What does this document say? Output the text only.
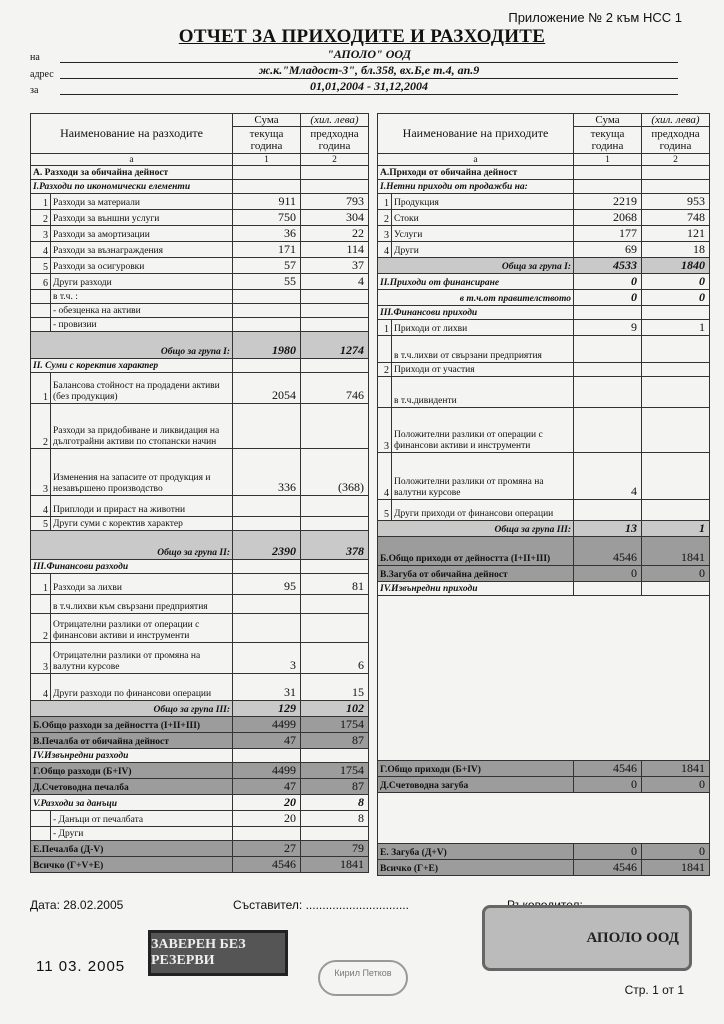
Приложение № 2 към НСС 1
ОТЧЕТ ЗА ПРИХОДИТЕ И РАЗХОДИТЕ
на	"АПОЛО" ООД
адрес	ж.к."Младост-3", бл.358, вх.Б,е т.4, ап.9
за	01,01,2004 - 31,12,2004
Наименование на разходите		Сума	(хил. лева)
		текуща година	предходна година

а		1	2
А. Разходи за обичайна дейност			
I.Разходи по икономически елементи			
1	Разходи за материали	911	793
2	Разходи за външни услуги	750	304
3	Разходи за амортизации	36	22
4	Разходи за възнаграждения	171	114
5	Разходи за осигуровки	57	37
6	Други разходи	55	4
	в т.ч. :		
	- обезценка на активи		
	- провизии		
Общо за група I:		1980	1274
II. Суми с коректив характер			
1	Балансова стойност на продадени активи (без продукция)	2054	746
2	Разходи за придобиване и ликвидация на дълготрайни активи по стопански начин		
3	Изменения на запасите от продукция и незавършено производство	336	(368)
4	Приплоди и прираст на животни		
5	Други суми с коректив характер		
Общо за група II:		2390	378
III.Финансови разходи			
1	Разходи за лихви	95	81
	в т.ч.лихви към свързани предприятия		
2	Отрицателни разлики от операции с финансови активи и инструменти		
3	Отрицателни разлики от промяна на валутни курсове	3	6
4	Други разходи по финансови операции	31	15
Общо за група III:		129	102
Б.Общо разходи за дейността (I+II+III)		4499	1754
В.Печалба от обичайна дейност		47	87
IV.Извънредни разходи			
Г.Общо разходи (Б+IV)		4499	1754
Д.Счетоводна печалба		47	87
V.Разходи за данъци		20	8
	- Данъци от печалбата	20	8
	- Други		
Е.Печалба (Д-V)		27	79
Всичко (Г+V+Е)		4546	1841
Наименование на приходите		Сума	(хил. лева)
		текуща година	предходна година

а		1	2
А.Приходи от обичайна дейност			
I.Нетни приходи от продажби на:			
1	Продукция	2219	953
2	Стоки	2068	748
3	Услуги	177	121
4	Други	69	18
Обща за група I:		4533	1840
II.Приходи от финансиране		0	0
в т.ч.от правителството		0	0
III.Финансови приходи			
1	Приходи от лихви	9	1
	в т.ч.лихви от свързани предприятия		
2	Приходи от участия		
	в т.ч.дивиденти		
3	Положителни разлики от операции с финансови активи и инструменти		
4	Положителни разлики от промяна на валутни курсове	4	
5	Други приходи от финансови операции		
Обща за група III:		13	1
Б.Общо приходи от дейността (I+II+III)		4546	1841
В.Загуба от обичайна дейност		0	0
IV.Извънредни приходи			

Г.Общо приходи (Б+IV)		4546	1841
Д.Счетоводна загуба		0	0

Е. Загуба (Д+V)		0	0
Всичко (Г+Е)		4546	1841
Дата: 28.02.2005	Съставител: ...............................
ЗАВЕРЕН БЕЗ РЕЗЕРВИ
АПОЛО ООД
Кирил Петков
11 03. 2005
Стр. 1 от 1
